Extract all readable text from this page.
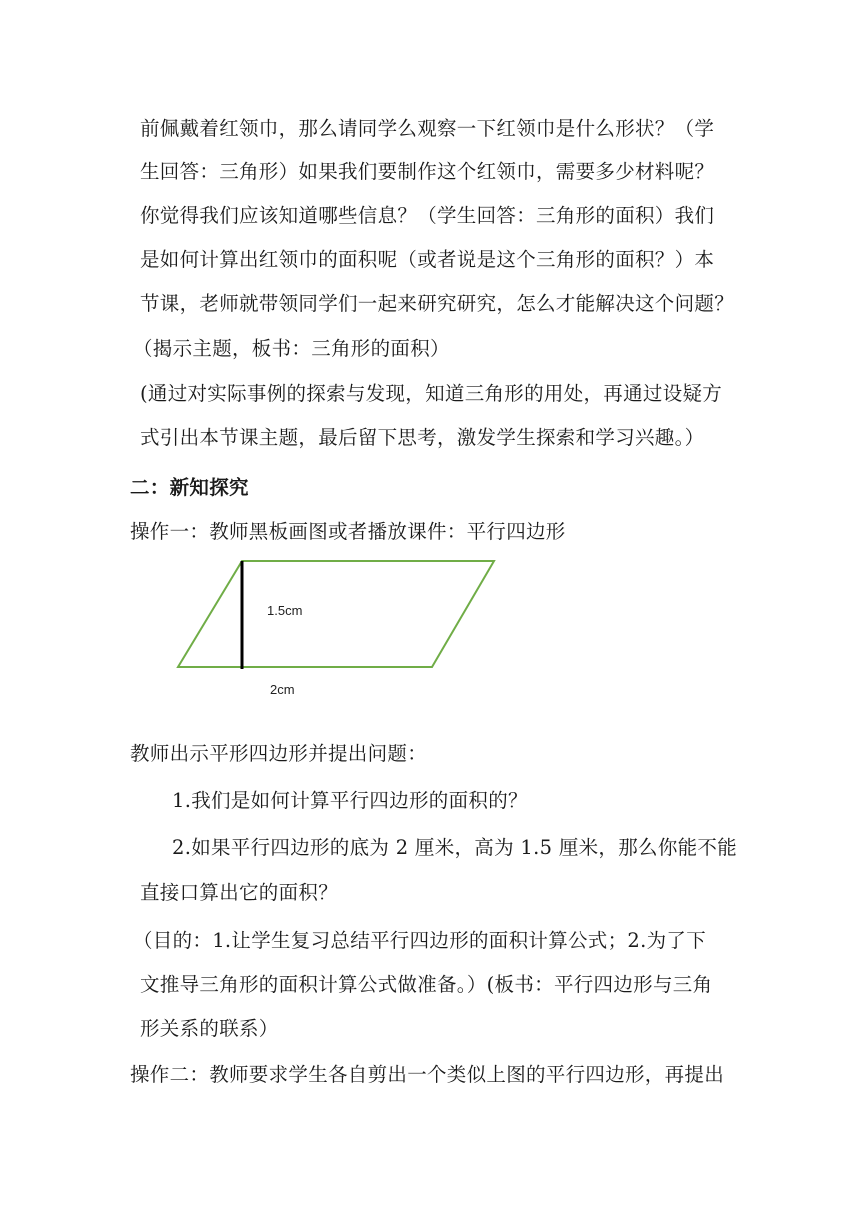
前佩戴着红领巾，那么请同学么观察一下红领巾是什么形状？（学
生回答：三角形）如果我们要制作这个红领巾，需要多少材料呢？
你觉得我们应该知道哪些信息？（学生回答：三角形的面积）我们
是如何计算出红领巾的面积呢（或者说是这个三角形的面积？）本
节课，老师就带领同学们一起来研究研究，怎么才能解决这个问题？
（揭示主题，板书：三角形的面积）
(通过对实际事例的探索与发现，知道三角形的用处，再通过设疑方
式引出本节课主题，最后留下思考，激发学生探索和学习兴趣。）
二：新知探究
操作一：教师黑板画图或者播放课件：平行四边形
1.5cm
2cm
教师出示平形四边形并提出问题：
1.我们是如何计算平行四边形的面积的？
2.如果平行四边形的底为 2 厘米，高为 1.5 厘米，那么你能不能
直接口算出它的面积？
（目的：1.让学生复习总结平行四边形的面积计算公式；2.为了下
文推导三角形的面积计算公式做准备。）(板书：平行四边形与三角
形关系的联系）
操作二：教师要求学生各自剪出一个类似上图的平行四边形，再提出
